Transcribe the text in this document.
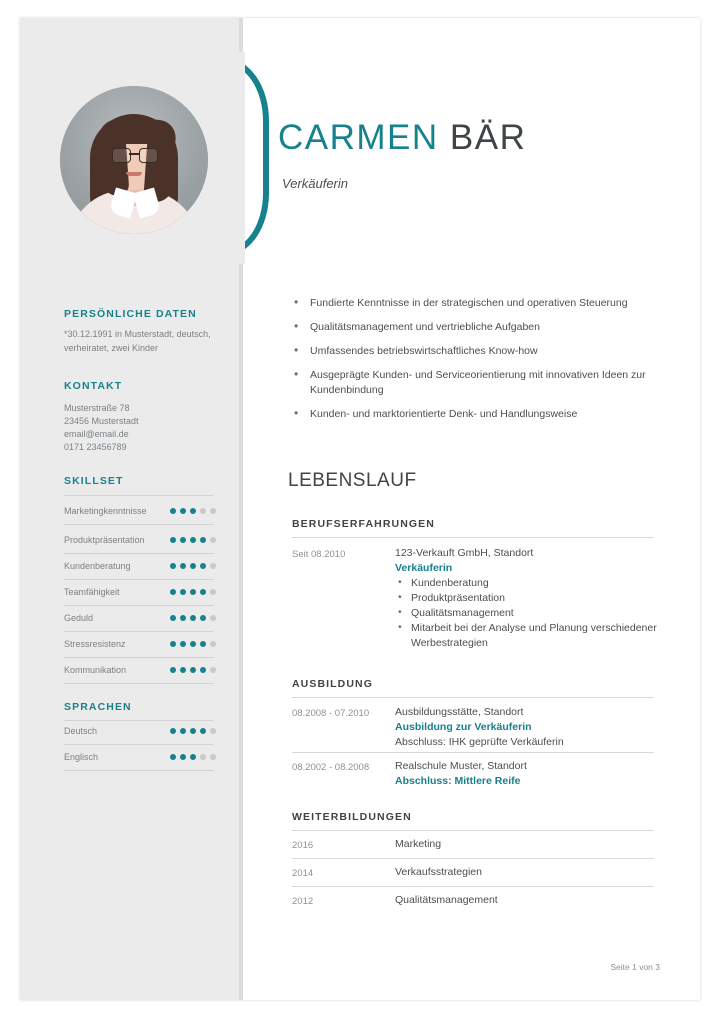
PERSÖNLICHE DATEN
*30.12.1991 in Musterstadt, deutsch, verheiratet, zwei Kinder
KONTAKT
Musterstraße 78
23456 Musterstadt
email@email.de
0171 23456789
SKILLSET
Marketingkenntnisse
Produktpräsentation
Kundenberatung
Teamfähigkeit
Geduld
Stressresistenz
Kommunikation
SPRACHEN
Deutsch
Englisch
CARMEN BÄR
Verkäuferin
• Fundierte Kenntnisse in der strategischen und operativen Steuerung
• Qualitätsmanagement und vertriebliche Aufgaben
• Umfassendes betriebswirtschaftliches Know-how
• Ausgeprägte Kunden- und Serviceorientierung mit innovativen Ideen zur Kundenbindung
• Kunden- und marktorientierte Denk- und Handlungsweise
LEBENSLAUF
BERUFSERFAHRUNGEN
Seit 08.2010	123-Verkauft GmbH, Standort
Verkäuferin
• Kundenberatung
• Produktpräsentation
• Qualitätsmanagement
• Mitarbeit bei der Analyse und Planung verschiedener Werbestrategien
AUSBILDUNG
08.2008 - 07.2010 Ausbildungsstätte, Standort
Ausbildung zur Verkäuferin
Abschluss: IHK geprüfte Verkäuferin
08.2002 - 08.2008 Realschule Muster, Standort
Abschluss: Mittlere Reife
WEITERBILDUNGEN
2016	Marketing
2014	Verkaufsstrategien
2012	Qualitätsmanagement
Seite 1 von 3
